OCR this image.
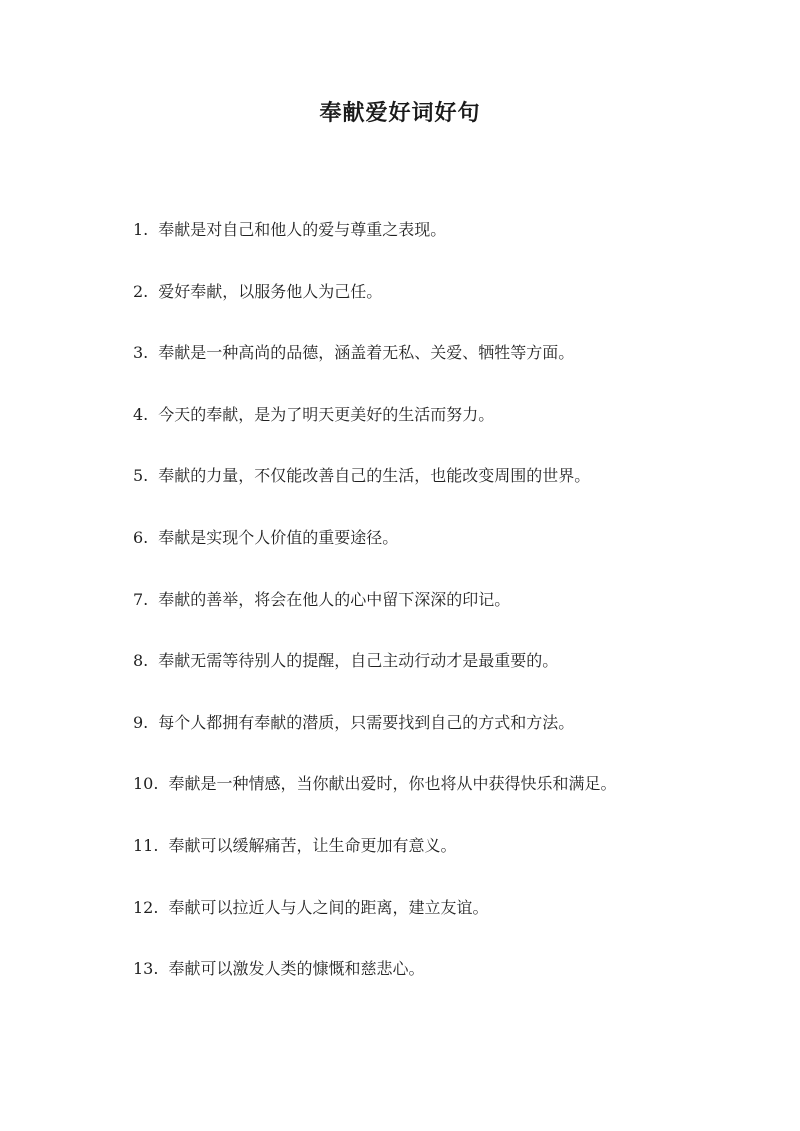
奉献爱好词好句
1. 奉献是对自己和他人的爱与尊重之表现。
2. 爱好奉献，以服务他人为己任。
3. 奉献是一种高尚的品德，涵盖着无私、关爱、牺牲等方面。
4. 今天的奉献，是为了明天更美好的生活而努力。
5. 奉献的力量，不仅能改善自己的生活，也能改变周围的世界。
6. 奉献是实现个人价值的重要途径。
7. 奉献的善举，将会在他人的心中留下深深的印记。
8. 奉献无需等待别人的提醒，自己主动行动才是最重要的。
9. 每个人都拥有奉献的潜质，只需要找到自己的方式和方法。
10. 奉献是一种情感，当你献出爱时，你也将从中获得快乐和满足。
11. 奉献可以缓解痛苦，让生命更加有意义。
12. 奉献可以拉近人与人之间的距离，建立友谊。
13. 奉献可以激发人类的慷慨和慈悲心。
